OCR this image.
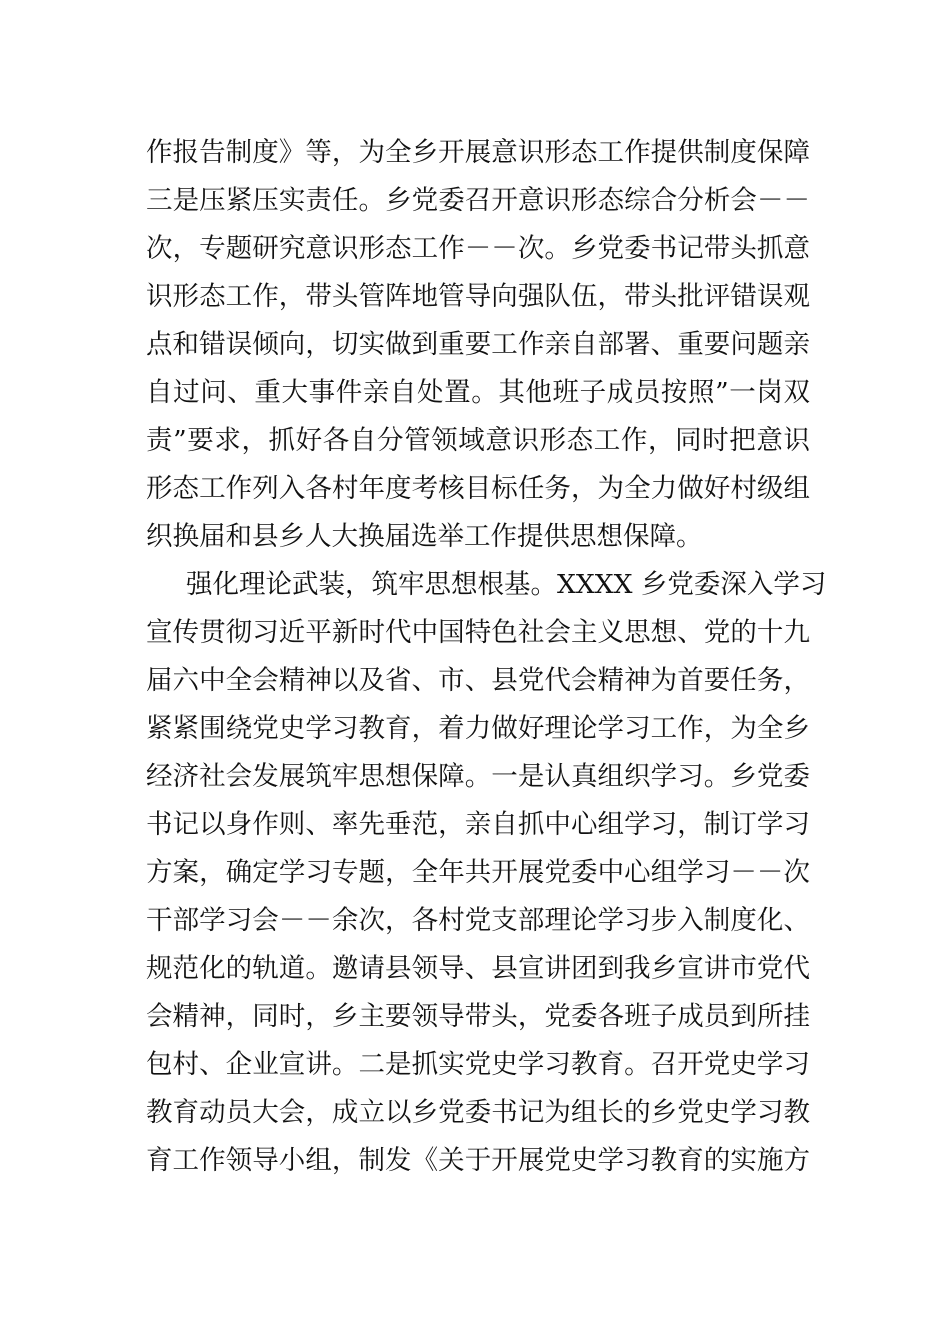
作报告制度》等，为全乡开展意识形态工作提供制度保障
三是压紧压实责任。乡党委召开意识形态综合分析会－－
次，专题研究意识形态工作－－次。乡党委书记带头抓意
识形态工作，带头管阵地管导向强队伍，带头批评错误观
点和错误倾向，切实做到重要工作亲自部署、重要问题亲
自过问、重大事件亲自处置。其他班子成员按照”一岗双
责”要求，抓好各自分管领域意识形态工作，同时把意识
形态工作列入各村年度考核目标任务，为全力做好村级组
织换届和县乡人大换届选举工作提供思想保障。
强化理论武装，筑牢思想根基。XXXX 乡党委深入学习
宣传贯彻习近平新时代中国特色社会主义思想、党的十九
届六中全会精神以及省、市、县党代会精神为首要任务，
紧紧围绕党史学习教育，着力做好理论学习工作，为全乡
经济社会发展筑牢思想保障。一是认真组织学习。乡党委
书记以身作则、率先垂范，亲自抓中心组学习，制订学习
方案，确定学习专题，全年共开展党委中心组学习－－次
干部学习会－－余次，各村党支部理论学习步入制度化、
规范化的轨道。邀请县领导、县宣讲团到我乡宣讲市党代
会精神，同时，乡主要领导带头，党委各班子成员到所挂
包村、企业宣讲。二是抓实党史学习教育。召开党史学习
教育动员大会，成立以乡党委书记为组长的乡党史学习教
育工作领导小组，制发《关于开展党史学习教育的实施方
